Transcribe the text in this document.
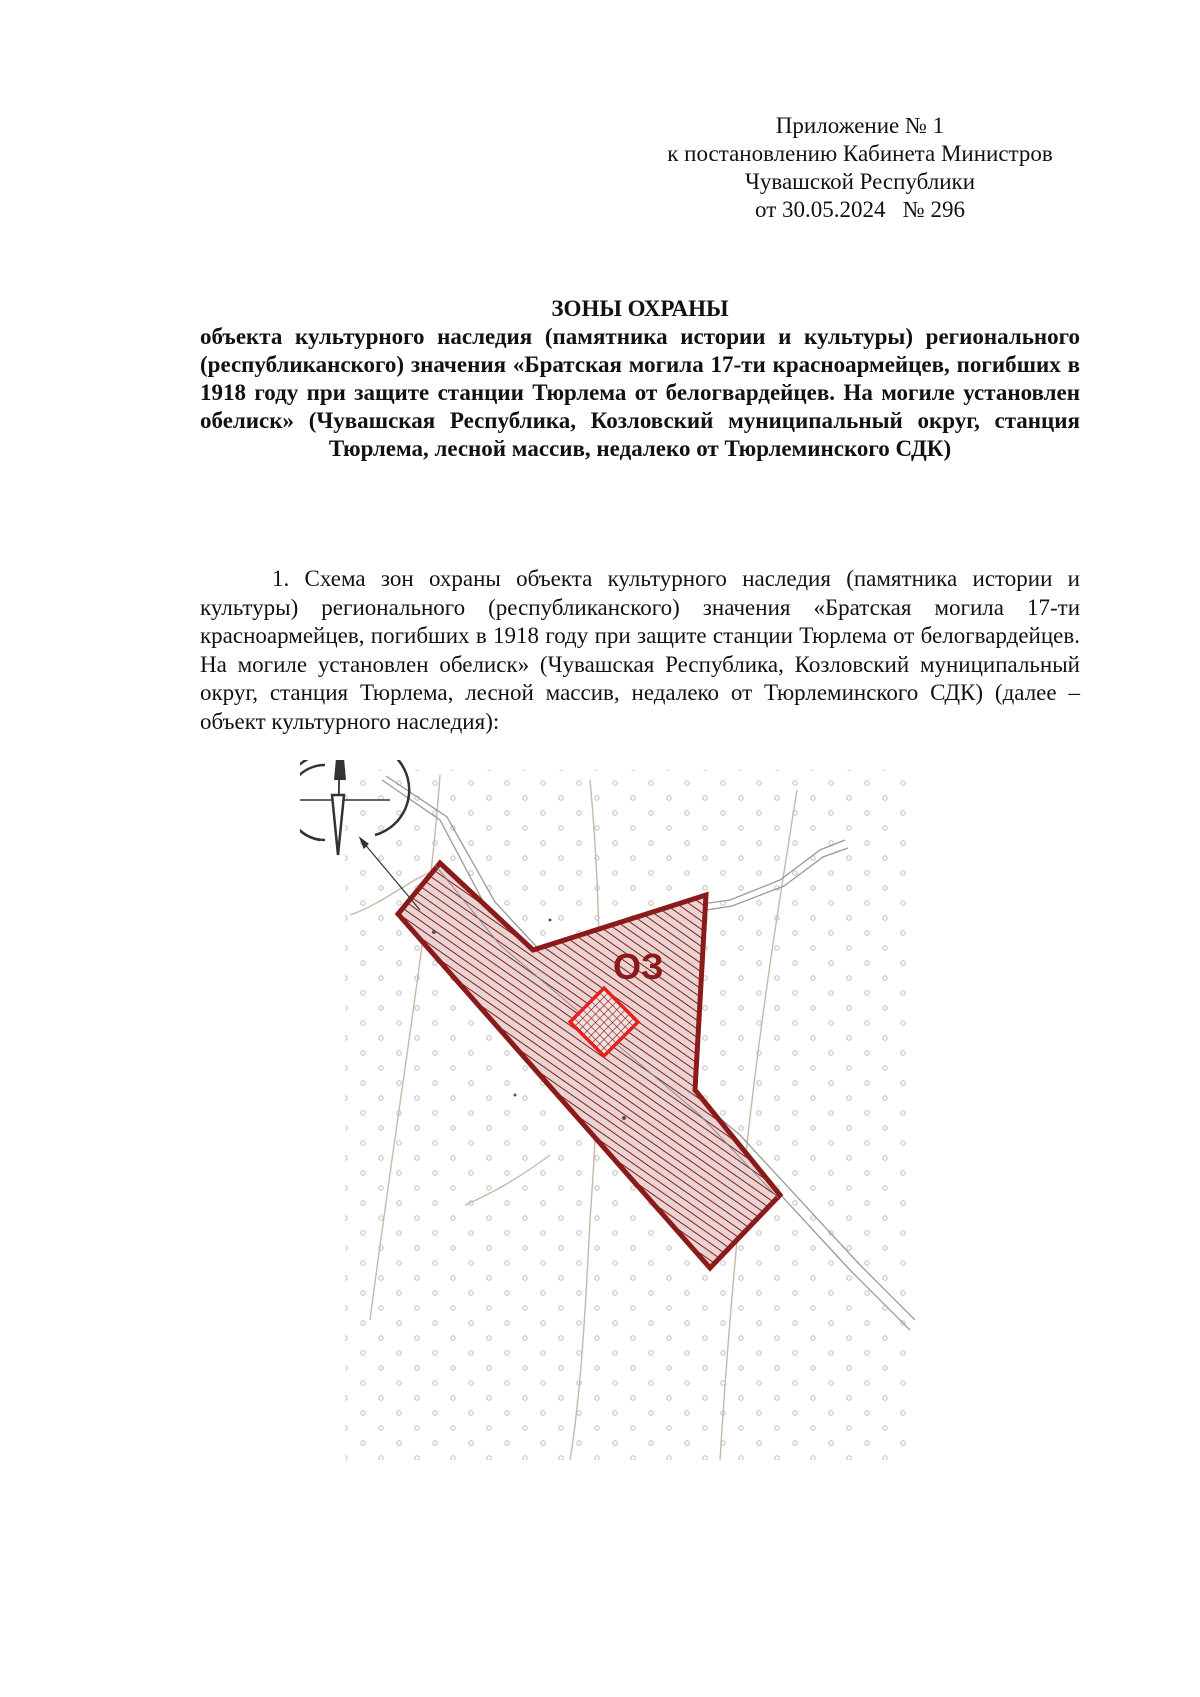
Приложение № 1
к постановлению Кабинета Министров
Чувашской Республики
от 30.05.2024   № 296
ЗОНЫ ОХРАНЫ
объекта культурного наследия (памятника истории и культуры) регионального (республиканского) значения «Братская могила 17-ти красноармейцев, погибших в 1918 году при защите станции Тюрлема от белогвардейцев. На могиле установлен обелиск» (Чувашская Республика, Козловский муниципальный округ, станция Тюрлема, лесной массив, недалеко от Тюрлеминского СДК)
1. Схема зон охраны объекта культурного наследия (памятника истории и культуры) регионального (республиканского) значения «Братская могила 17-ти красноармейцев, погибших в 1918 году при защите станции Тюрлема от белогвардейцев. На могиле установлен обелиск» (Чувашская Республика, Козловский муниципальный округ, станция Тюрлема, лесной массив, недалеко от Тюрлеминского СДК) (далее – объект культурного наследия):
ОЗ
